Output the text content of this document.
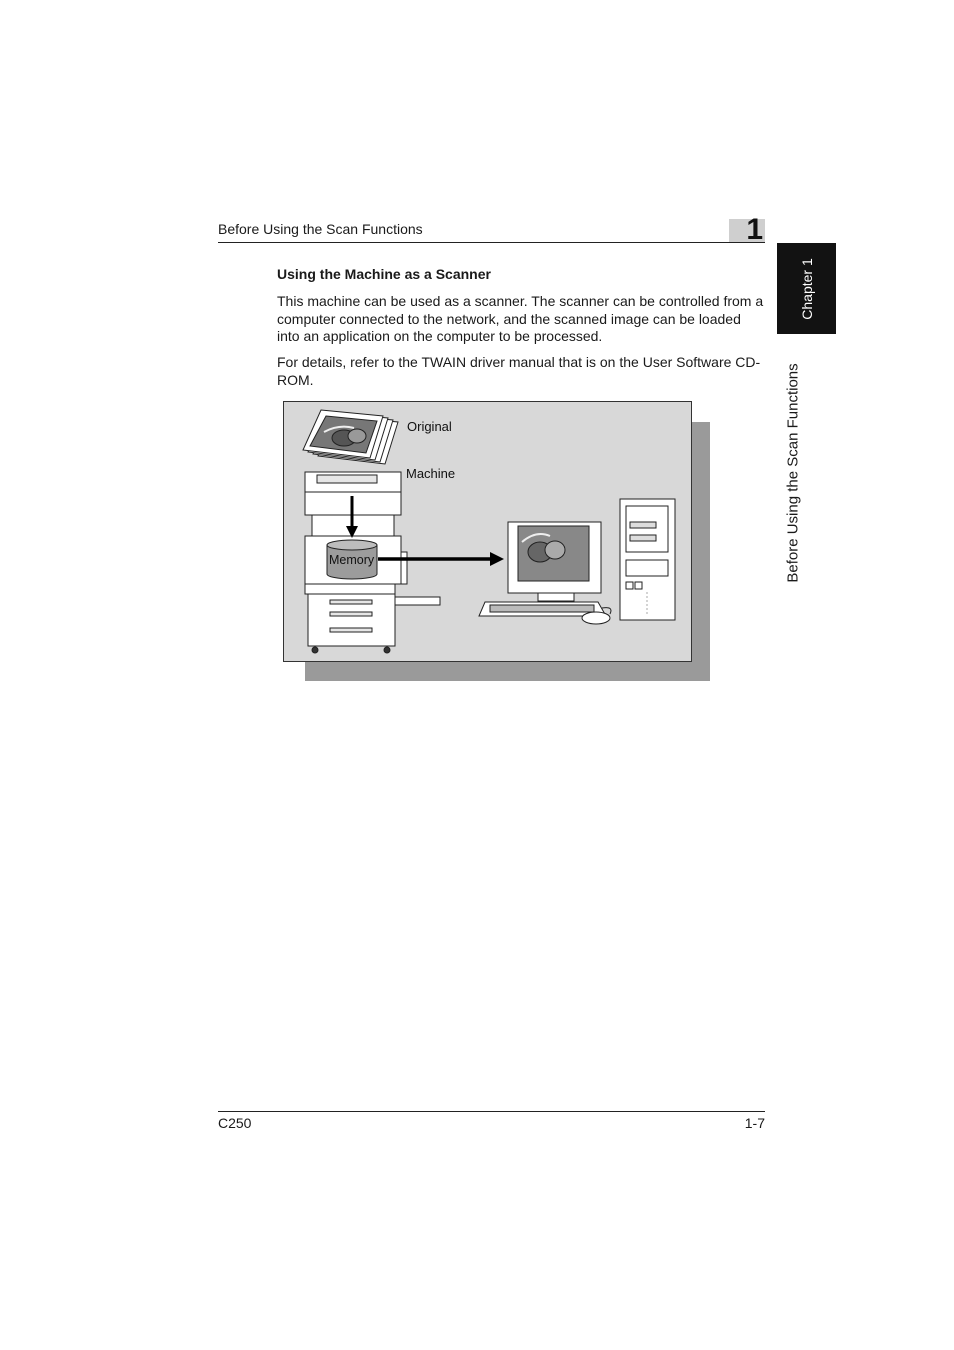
Before Using the Scan Functions	1
Chapter 1
Before Using the Scan Functions
Using the Machine as a Scanner
This machine can be used as a scanner. The scanner can be controlled from a computer connected to the network, and the scanned image can be loaded into an application on the computer to be processed.
For details, refer to the TWAIN driver manual that is on the User Software CD-ROM.
Original
Machine
Memory
C250	1-7
